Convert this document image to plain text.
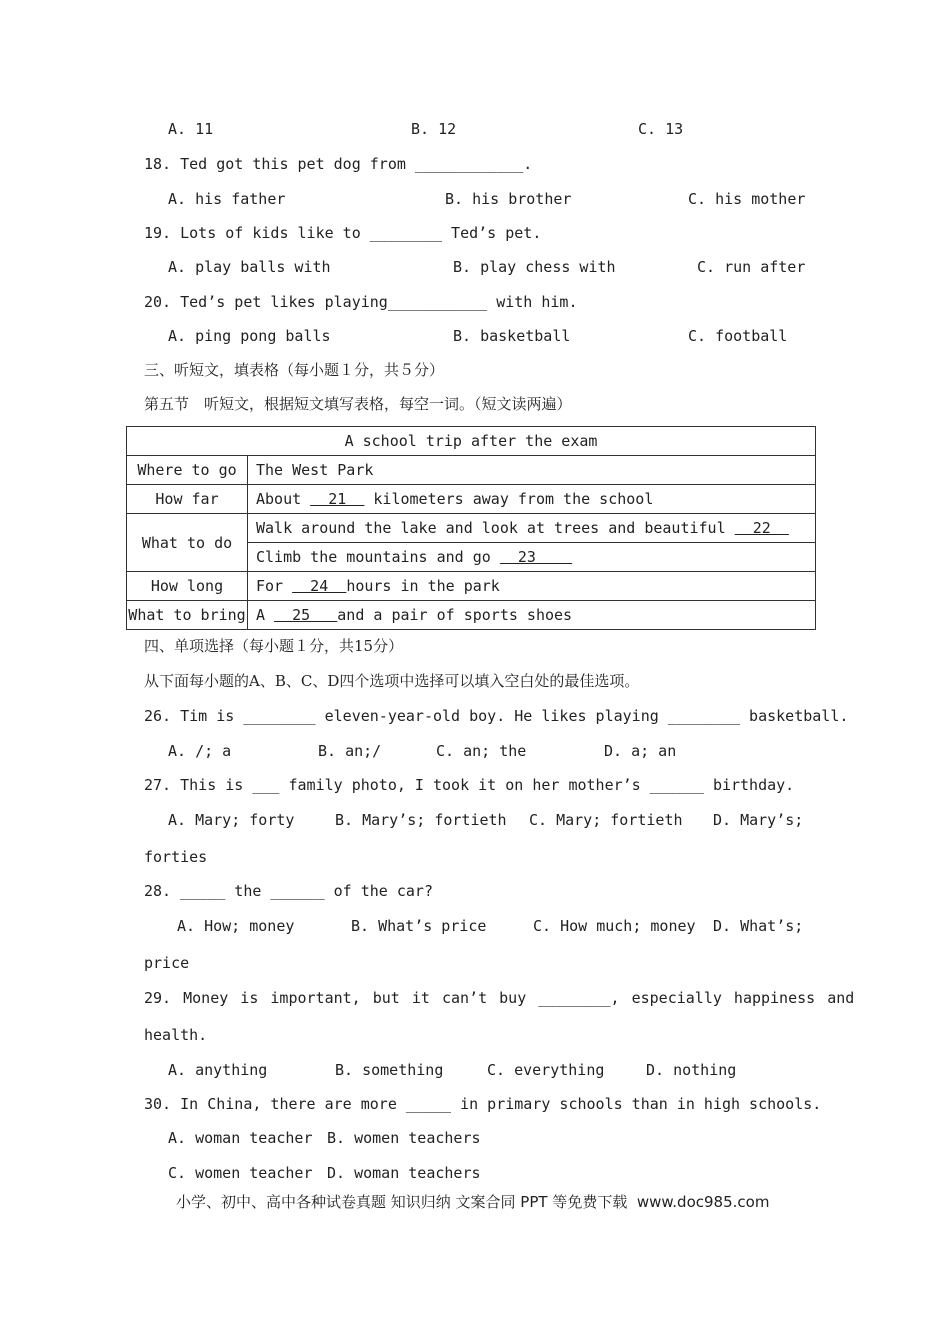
A. 11	B. 12	C. 13
18. Ted got this pet dog from ____________.
A. his father	B. his brother	C. his mother
19. Lots of kids like to ________ Ted’s pet.
A. play balls with	B. play chess with	C. run after
20. Ted’s pet likes playing___________ with him.
A. ping pong balls	B. basketball	C. football
三、听短文，填表格（每小题１分，共５分）
第五节　听短文，根据短文填写表格，每空一词。（短文读两遍）
A school trip after the exam	
Where to go	The West Park
How far	About   21   kilometers away from the school
What to do	Walk around the lake and look at trees and beautiful   22
	Climb the mountains and go   23
How long	For   24  hours in the park
What to bring	A   25   and a pair of sports shoes
四、单项选择（每小题１分，共15分）
从下面每小题的A、B、C、D四个选项中选择可以填入空白处的最佳选项。
26. Tim is ________ eleven-year-old boy. He likes playing ________ basketball.
A. /; a	B. an;/	C. an; the	D. a; an
27. This is ___ family photo, I took it on her mother’s ______ birthday.
A. Mary; forty	B. Mary’s; fortieth C. Mary; fortieth D. Mary’s;
forties
28. _____ the ______ of the car?
A. How; money	B. What’s price	C. How much; money D. What’s;
price
29. Money is important, but it can’t buy ________, especially happiness and
health.
A. anything	B. something	C. everything	D. nothing
30. In China, there are more _____ in primary schools than in high schools.
A. woman teacher B. women teachers
C. women teacher D. woman teachers
小学、初中、高中各种试卷真题 知识归纳 文案合同 PPT 等免费下载  www.doc985.com
